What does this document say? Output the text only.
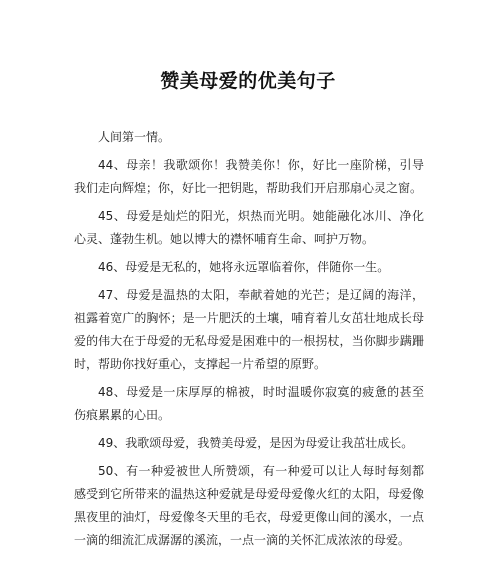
赞美母爱的优美句子

人间第一情。

44、母亲！我歌颂你！我赞美你！你，好比一座阶梯，引导我们走向辉煌；你，好比一把钥匙，帮助我们开启那扇心灵之窗。

45、母爱是灿烂的阳光，炽热而光明。她能融化冰川、净化心灵、蓬勃生机。她以博大的襟怀哺育生命、呵护万物。

46、母爱是无私的，她将永远罩临着你，伴随你一生。

47、母爱是温热的太阳，奉献着她的光芒；是辽阔的海洋，祖露着宽广的胸怀；是一片肥沃的土壤，哺育着儿女茁壮地成长母爱的伟大在于母爱的无私母爱是困难中的一根拐杖，当你脚步蹒跚时，帮助你找好重心，支撑起一片希望的原野。

48、母爱是一床厚厚的棉被，时时温暖你寂寞的疲惫的甚至伤痕累累的心田。

49、我歌颂母爱，我赞美母爱，是因为母爱让我茁壮成长。

50、有一种爱被世人所赞颂，有一种爱可以让人每时每刻都感受到它所带来的温热这种爱就是母爱母爱像火红的太阳，母爱像黑夜里的油灯，母爱像冬天里的毛衣，母爱更像山间的溪水，一点一滴的细流汇成潺潺的溪流，一点一滴的关怀汇成浓浓的母爱。
